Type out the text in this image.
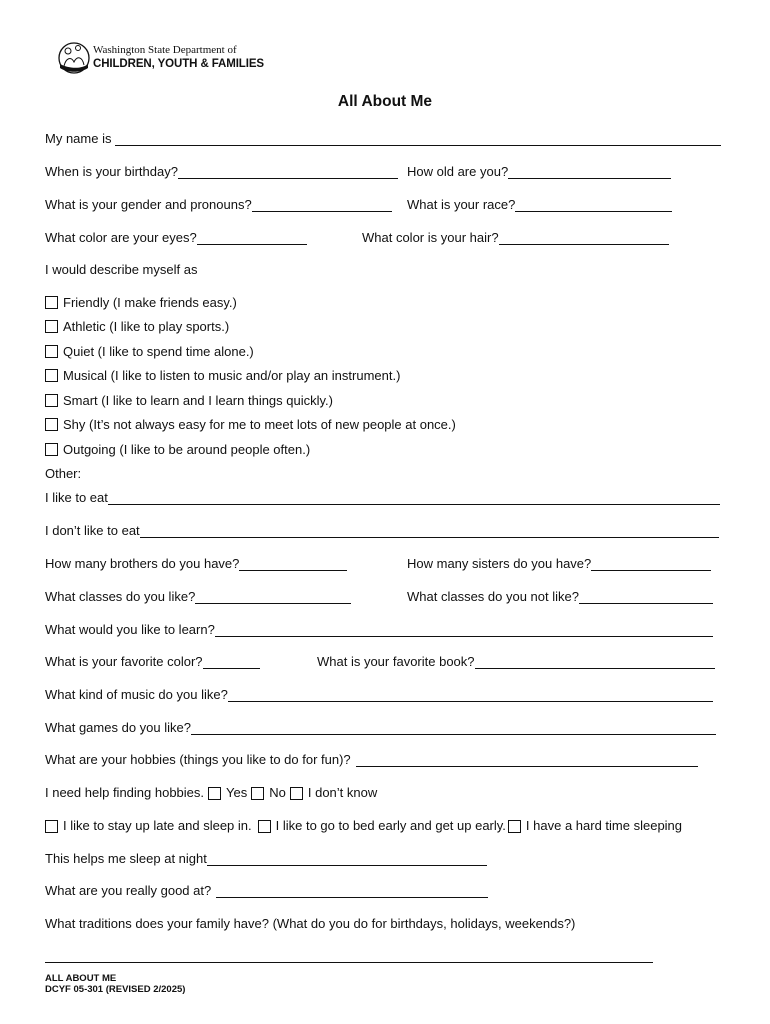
Washington State Department of
CHILDREN, YOUTH & FAMILIES
All About Me
My name is
When is your birthday?	How old are you?
What is your gender and pronouns?	What is your race?
What color are your eyes?	What color is your hair?
I would describe myself as
Friendly (I make friends easy.)
Athletic (I like to play sports.)
Quiet (I like to spend time alone.)
Musical (I like to listen to music and/or play an instrument.)
Smart (I like to learn and I learn things quickly.)
Shy (It’s not always easy for me to meet lots of new people at once.)
Outgoing (I like to be around people often.)
Other:
I like to eat
I don’t like to eat
How many brothers do you have?	How many sisters do you have?
What classes do you like?	What classes do you not like?
What would you like to learn?
What is your favorite color?	What is your favorite book?
What kind of music do you like?
What games do you like?
What are your hobbies (things you like to do for fun)?
I need help finding hobbies. Yes No I don’t know
I like to stay up late and sleep in. I like to go to bed early and get up early. I have a hard time sleeping
This helps me sleep at night
What are you really good at?
What traditions does your family have? (What do you do for birthdays, holidays, weekends?)
ALL ABOUT ME
DCYF 05-301 (REVISED 2/2025)
